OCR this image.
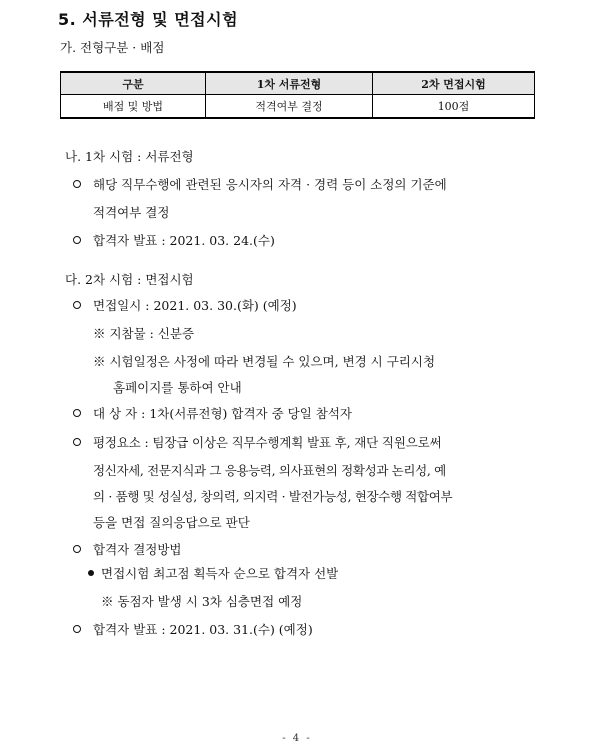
5. 서류전형 및 면접시험
가. 전형구분 · 배점
구분	1차 서류전형	2차 면접시험
배점 및 방법	적격여부 결정	100점
나. 1차 시험 : 서류전형
해당 직무수행에 관련된 응시자의 자격 · 경력 등이 소정의 기준에
적격여부 결정
합격자 발표 : 2021. 03. 24.(수)
다. 2차 시험 : 면접시험
면접일시 : 2021. 03. 30.(화) (예정)
※ 지참물 : 신분증
※ 시험일정은 사정에 따라 변경될 수 있으며, 변경 시 구리시청
홈페이지를 통하여 안내
대 상 자 : 1차(서류전형) 합격자 중 당일 참석자
평정요소 : 팀장급 이상은 직무수행계획 발표 후, 재단 직원으로써
정신자세, 전문지식과 그 응용능력, 의사표현의 정확성과 논리성, 예
의 · 품행 및 성실성, 창의력, 의지력 · 발전가능성, 현장수행 적합여부
등을 면접 질의응답으로 판단
합격자 결정방법
면접시험 최고점 획득자 순으로 합격자 선발
※ 동점자 발생 시 3차 심층면접 예정
합격자 발표 : 2021. 03. 31.(수) (예정)
- 4 -
